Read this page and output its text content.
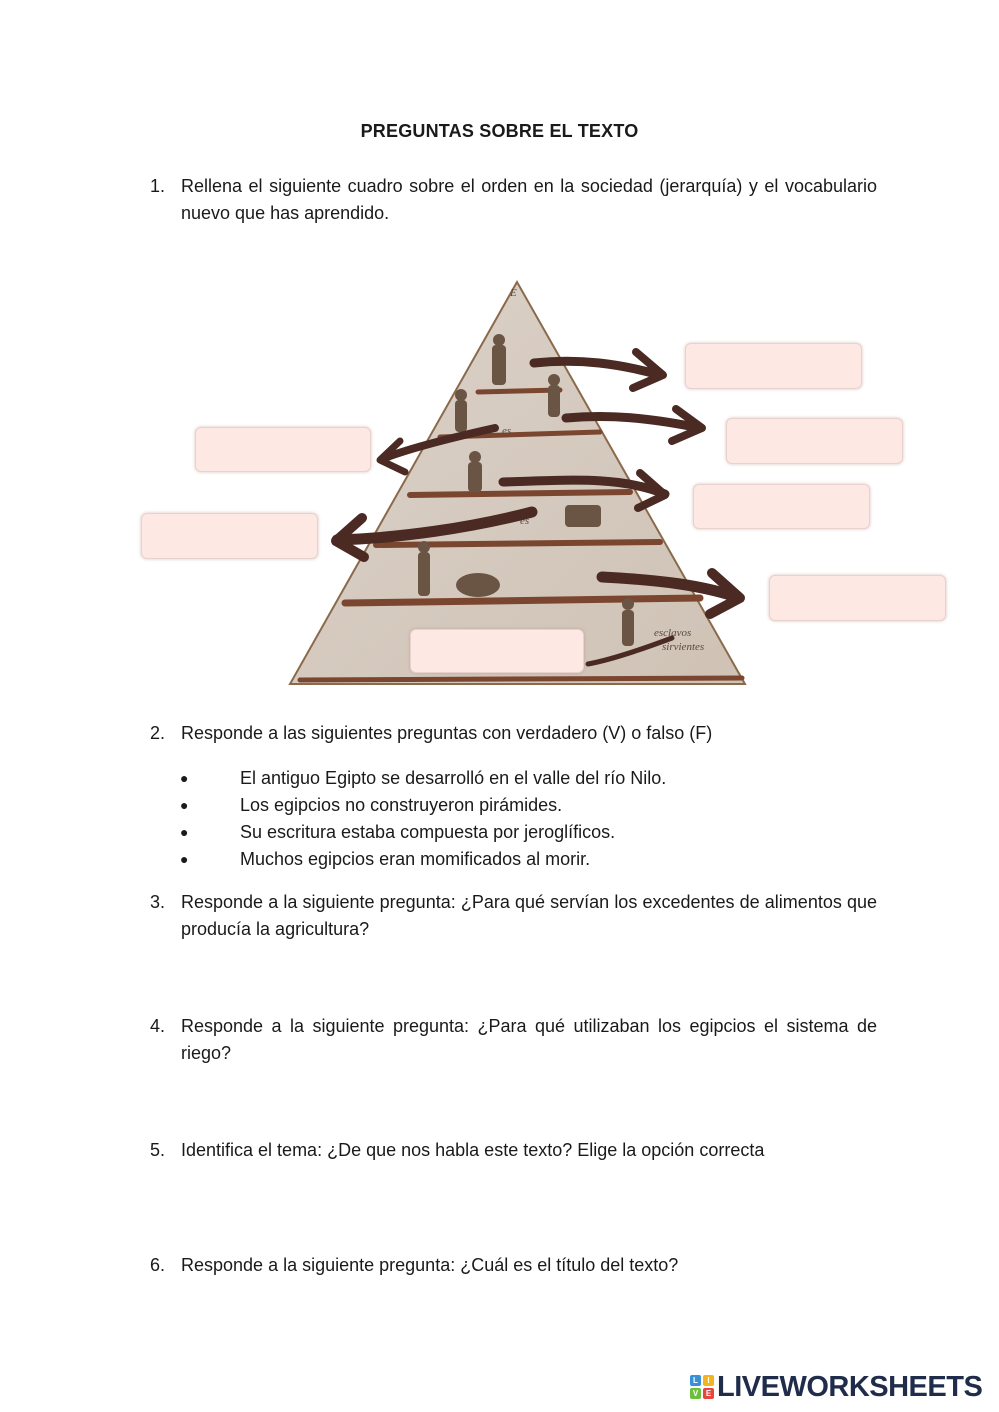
PREGUNTAS SOBRE EL TEXTO
1. Rellena el siguiente cuadro sobre el orden en la sociedad (jerarquía) y el vocabulario nuevo que has aprendido.
E
es
es
esclavos
sirvientes
2. Responde a las siguientes preguntas con verdadero (V) o falso (F)
●	El antiguo Egipto se desarrolló en el valle del río Nilo.
●	Los egipcios no construyeron pirámides.
●	Su escritura estaba compuesta por jeroglíficos.
●	Muchos egipcios eran momificados al morir.
3. Responde a la siguiente pregunta: ¿Para qué servían los excedentes de alimentos que producía la agricultura?
4. Responde a la siguiente pregunta: ¿Para qué utilizaban los egipcios el sistema de riego?
5. Identifica el tema: ¿De que nos habla este texto? Elige la opción correcta
6. Responde a la siguiente pregunta: ¿Cuál es el título del texto?
L	I
V E LIVEWORKSHEETS
